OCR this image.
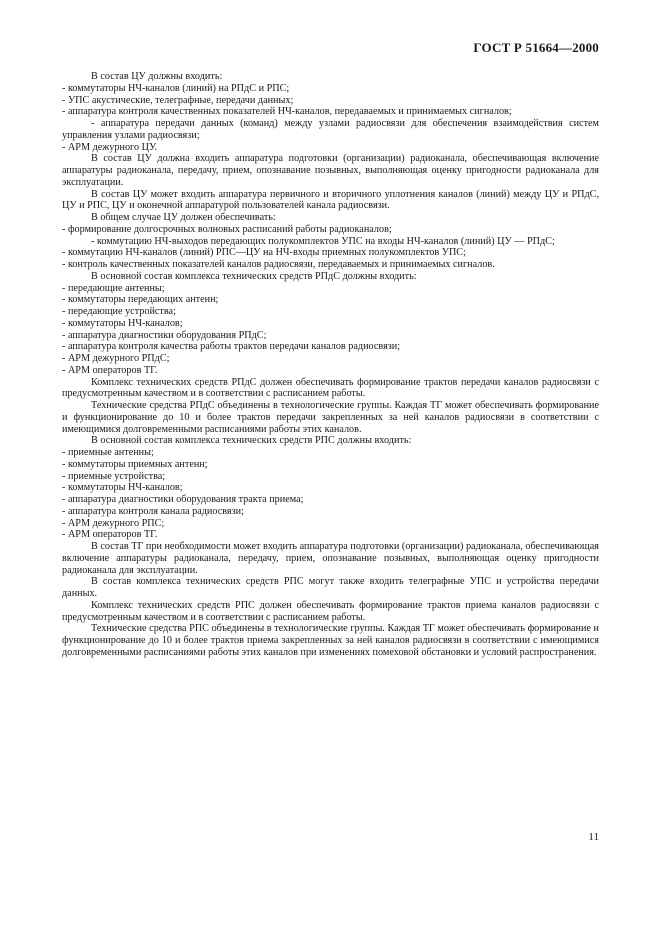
ГОСТ Р 51664—2000

В состав ЦУ должны входить:

- коммутаторы НЧ-каналов (линий) на РПдС и РПС;

- УПС акустические, телеграфные, передачи данных;

- аппаратура контроля качественных показателей НЧ-каналов, передаваемых и принимаемых сигналов;

- аппаратура передачи данных (команд) между узлами радиосвязи для обеспечения взаимодействия систем управления узлами радиосвязи;

- АРМ дежурного ЦУ.

В состав ЦУ должна входить аппаратура подготовки (организации) радиоканала, обеспечивающая включение аппаратуры радиоканала, передачу, прием, опознавание позывных, выполняющая оценку пригодности радиоканала для эксплуатации.

В состав ЦУ может входить аппаратура первичного и вторичного уплотнения каналов (линий) между ЦУ и РПдС, ЦУ и РПС, ЦУ и оконечной аппаратурой пользователей канала радиосвязи.

В общем случае ЦУ должен обеспечивать:

- формирование долгосрочных волновых расписаний работы радиоканалов;

- коммутацию НЧ-выходов передающих полукомплектов УПС на входы НЧ-каналов (линий) ЦУ — РПдС;

- коммутацию НЧ-каналов (линий) РПС—ЦУ на НЧ-входы приемных полукомплектов УПС;

- контроль качественных показателей каналов радиосвязи, передаваемых и принимаемых сигналов.

В основной состав комплекса технических средств РПдС должны входить:

- передающие антенны;

- коммутаторы передающих антенн;

- передающие устройства;

- коммутаторы НЧ-каналов;

- аппаратура диагностики оборудования РПдС;

- аппаратура контроля качества работы трактов передачи каналов радиосвязи;

- АРМ дежурного РПдС;

- АРМ операторов ТГ.

Комплекс технических средств РПдС должен обеспечивать формирование трактов передачи каналов радиосвязи с предусмотренным качеством и в соответствии с расписанием работы.

Технические средства РПдС объединены в технологические группы. Каждая ТГ может обеспечивать формирование и функционирование до 10 и более трактов передачи закрепленных за ней каналов радиосвязи в соответствии с имеющимися долговременными расписаниями работы этих каналов.

В основной состав комплекса технических средств РПС должны входить:

- приемные антенны;

- коммутаторы приемных антенн;

- приемные устройства;

- коммутаторы НЧ-каналов;

- аппаратура диагностики оборудования тракта приема;

- аппаратура контроля канала радиосвязи;

- АРМ дежурного РПС;

- АРМ операторов ТГ.

В состав ТГ при необходимости может входить аппаратура подготовки (организации) радиоканала, обеспечивающая включение аппаратуры радиоканала, передачу, прием, опознавание позывных, выполняющая оценку пригодности радиоканала для эксплуатации.

В состав комплекса технических средств РПС могут также входить телеграфные УПС и устройства передачи данных.

Комплекс технических средств РПС должен обеспечивать формирование трактов приема каналов радиосвязи с предусмотренным качеством и в соответствии с расписанием работы.

Технические средства РПС объединены в технологические группы. Каждая ТГ может обеспечивать формирование и функционирование до 10 и более трактов приема закрепленных за ней каналов радиосвязи в соответствии с имеющимися долговременными расписаниями работы этих каналов при изменениях помеховой обстановки и условий распространения.

11
